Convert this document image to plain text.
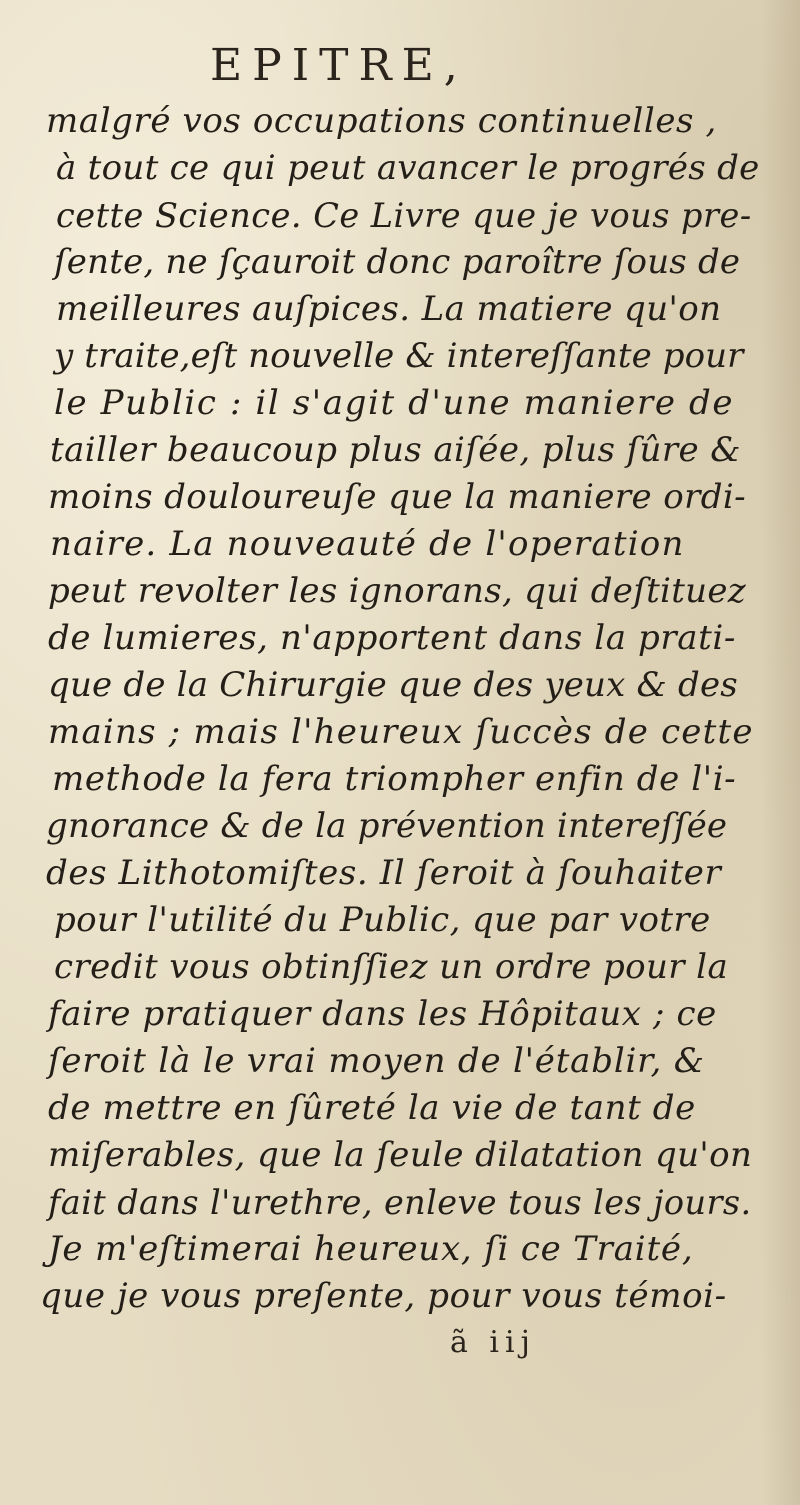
EPITRE,
malgré vos occupations continuelles ,
à tout ce qui peut avancer le progrés de
cette Science. Ce Livre que je vous pre-
ſente, ne ſçauroit donc paroître ſous de
meilleures auſpices. La matiere qu'on
y traite,eſt nouvelle & intereſſante pour
le Public : il s'agit d'une maniere de
tailler beaucoup plus aiſée, plus ſûre &
moins douloureuſe que la maniere ordi-
naire. La nouveauté de l'operation
peut revolter les ignorans, qui deſtituez
de lumieres, n'apportent dans la prati-
que de la Chirurgie que des yeux & des
mains ; mais l'heureux ſuccès de cette
methode la fera triompher enfin de l'i-
gnorance & de la prévention intereſſée
des Lithotomiſtes. Il ſeroit à ſouhaiter
pour l'utilité du Public, que par votre
credit vous obtinſſiez un ordre pour la
faire pratiquer dans les Hôpitaux ; ce
ſeroit là le vrai moyen de l'établir, &
de mettre en ſûreté la vie de tant de
miſerables, que la ſeule dilatation qu'on
fait dans l'urethre, enleve tous les jours.
Je m'eſtimerai heureux, ſi ce Traité,
que je vous preſente, pour vous témoi-
ã iij
